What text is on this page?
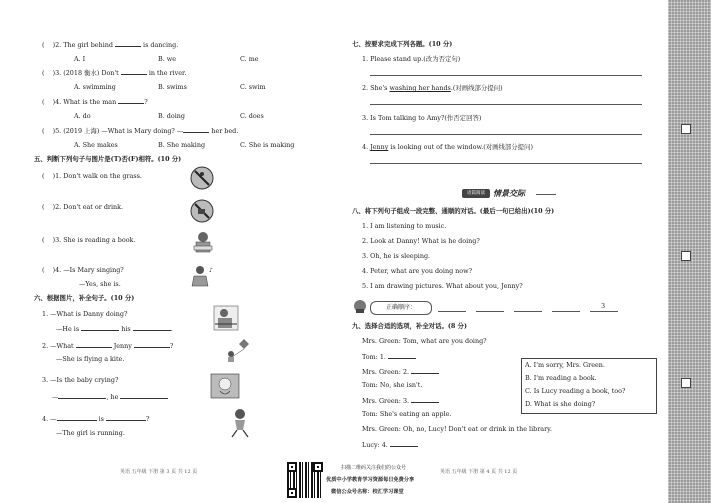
(    )2. The girl behind	is dancing.
A. I	B. we	C. me
(    )3. (2018 衡水) Don't	in the river.
A. swimming	B. swims	C. swim
(    )4. What is the man	?
A. do	B. doing	C. does
(    )5. (2019 上海) —What is Mary doing? —	her bed.
A. She makes	B. She making	C. She is making
五、判断下列句子与图片是(T)否(F)相符。(10 分)
(    )1. Don't walk on the grass.
(    )2. Don't eat or drink.
(    )3. She is reading a book.
(    )4. —Is Mary singing?
—Yes, she is.
♪
六、根据图片，补全句子。(10 分)
1. —What is Danny doing?
—He is	his	.
2. —What	Jenny	?
—She is flying a kite.
3. —Is the baby crying?
—	, he
4. —	is	?
—The girl is running.
英语 五年级 下册 第 3 页 共 12 页
扫描二维码关注我们的公众号
优质中小学教育学习资源每日免费分享
微信公众号名称：校汇学习课堂
七、按要求完成下列各题。(10 分)
1. Please stand up.(改为否定句)
2. She's washing her hands.(对画线部分提问)
3. Is Tom talking to Amy?(作否定回答)
4. Jenny is looking out of the window.(对画线部分提问)
语篇阅读	情景交际
八、将下列句子组成一段完整、通顺的对话。(最后一句已给出)(10 分)
1. I am listening to music.
2. Look at Danny! What is he doing?
3. Oh, he is sleeping.
4. Peter, what are you doing now?
5. I am drawing pictures. What about you, Jenny?
正确顺序：	3
九、选择合适的选项，补全对话。(8 分)
Mrs. Green: Tom, what are you doing?
Tom: 1.
Mrs. Green: 2.
Tom: No, she isn't.
Mrs. Green: 3.
Tom: She's eating an apple.
Mrs. Green: Oh, no, Lucy! Don't eat or drink in the library.
Lucy: 4.
A. I'm sorry, Mrs. Green.
B. I'm reading a book.
C. Is Lucy reading a book, too?
D. What is she doing?
英语 五年级 下册 第 4 页 共 12 页
